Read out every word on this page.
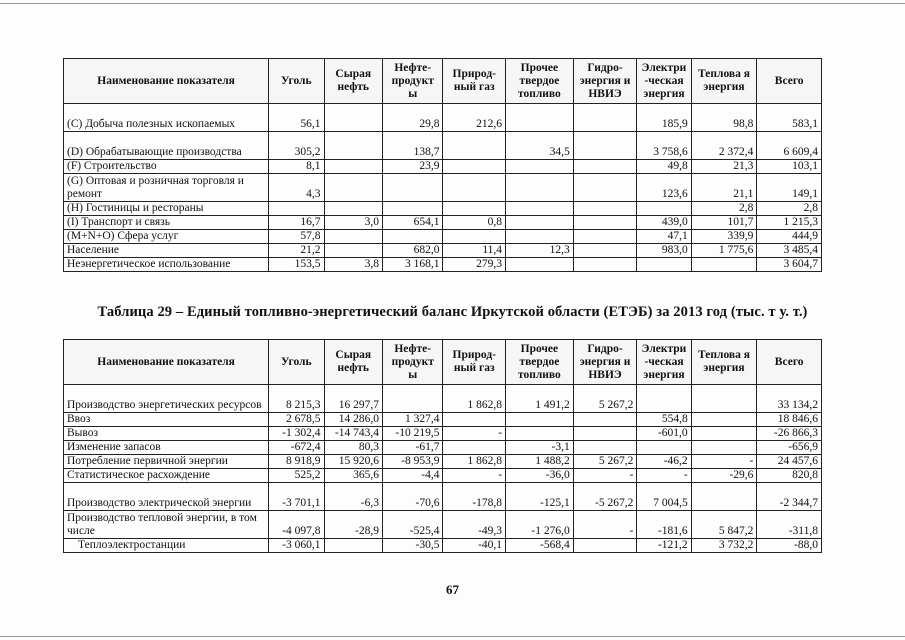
Наименование показателя	Уголь	Сырая нефть	Нефте-продукт ы	Природ-ный газ	Прочее твердое топливо	Гидро-энергия и НВИЭ	Электри -ческая энергия	Теплова я энергия	Всего
(C) Добыча полезных ископаемых	56,1		29,8	212,6			185,9	98,8	583,1
(D) Обрабатывающие производства	305,2		138,7		34,5		3 758,6	2 372,4	6 609,4
(F) Строительство	8,1		23,9				49,8	21,3	103,1
(G) Оптовая и розничная торговля и ремонт	4,3						123,6	21,1	149,1
(H) Гостиницы и рестораны								2,8	2,8
(I) Транспорт и связь	16,7	3,0	654,1	0,8			439,0	101,7	1 215,3
(M+N+O) Сфера услуг	57,8						47,1	339,9	444,9
Население	21,2		682,0	11,4	12,3		983,0	1 775,6	3 485,4
Неэнергетическое использование	153,5	3,8	3 168,1	279,3					3 604,7
Таблица 29 – Единый топливно-энергетический баланс Иркутской области (ЕТЭБ) за 2013 год (тыс. т у. т.)
Наименование показателя	Уголь	Сырая нефть	Нефте-продукт ы	Природ-ный газ	Прочее твердое топливо	Гидро-энергия и НВИЭ	Электри -ческая энергия	Теплова я энергия	Всего
Производство энергетических ресурсов	8 215,3	16 297,7		1 862,8	1 491,2	5 267,2			33 134,2
Ввоз	2 678,5	14 286,0	1 327,4				554,8		18 846,6
Вывоз	-1 302,4	-14 743,4	-10 219,5	-			-601,0		-26 866,3
Изменение запасов	-672,4	80,3	-61,7		-3,1				-656,9
Потребление первичной энергии	8 918,9	15 920,6	-8 953,9	1 862,8	1 488,2	5 267,2	-46,2	-	24 457,6
Статистическое расхождение	525,2	365,6	-4,4	-	-36,0	-	-	-29,6	820,8
Производство электрической энергии	-3 701,1	-6,3	-70,6	-178,8	-125,1	-5 267,2	7 004,5		-2 344,7
Производство тепловой энергии, в том числе	-4 097,8	-28,9	-525,4	-49,3	-1 276,0	-	-181,6	5 847,2	-311,8
Теплоэлектростанции	-3 060,1		-30,5	-40,1	-568,4		-121,2	3 732,2	-88,0
67
